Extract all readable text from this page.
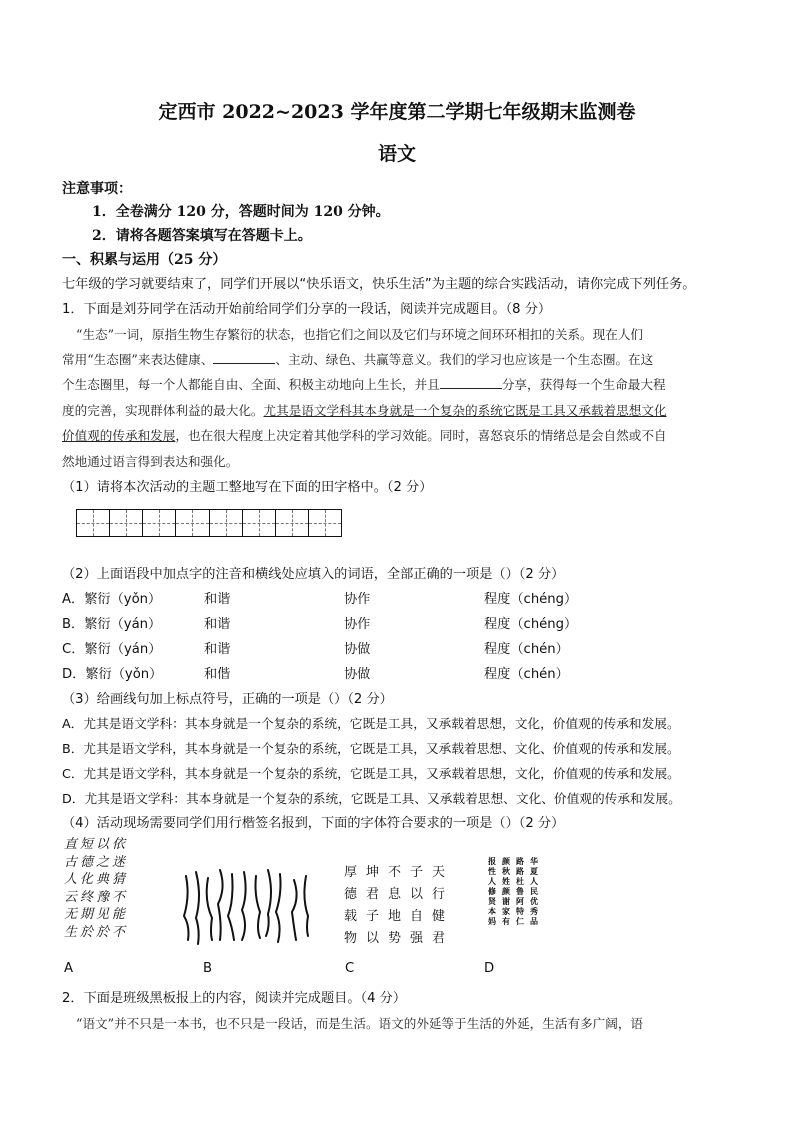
定西市 2022~2023 学年度第二学期七年级期末监测卷
语文
注意事项：
1．全卷满分 120 分，答题时间为 120 分钟。
2．请将各题答案填写在答题卡上。
一、积累与运用（25 分）
七年级的学习就要结束了，同学们开展以“快乐语文，快乐生活”为主题的综合实践活动，请你完成下列任务。
1．下面是刘芬同学在活动开始前给同学们分享的一段话，阅读并完成题目。（8 分）
“生态”一词，原指生物生存繁衍的状态，也指它们之间以及它们与环境之间环环相扣的关系。现在人们
常用“生态圈”来表达健康、	、主动、绿色、共赢等意义。我们的学习也应该是一个生态圈。在这
个生态圈里，每一个人都能自由、全面、积极主动地向上生长，并且	分享，获得每一个生命最大程
度的完善，实现群体利益的最大化。尤其是语文学科其本身就是一个复杂的系统它既是工具又承载着思想文化
价值观的传承和发展，也在很大程度上决定着其他学科的学习效能。同时，喜怒哀乐的情绪总是会自然或不自
然地通过语言得到表达和强化。
（1）请将本次活动的主题工整地写在下面的田字格中。（2 分）
（2）上面语段中加点字的注音和横线处应填入的词语，全部正确的一项是（）（2 分）
A．繁衍（yǒn）	和谐	协作	程度（chéng）
B．繁衍（yán）	和谐	协作	程度（chéng）
C．繁衍（yán）	和谐	协做	程度（chén）
D．繁衍（yǒn）	和偕	协做	程度（chén）
（3）给画线句加上标点符号，正确的一项是（）（2 分）
A．尤其是语文学科：其本身就是一个复杂的系统，它既是工具，又承载着思想，文化，价值观的传承和发展。
B．尤其是语文学科，其本身就是一个复杂的系统，它既是工具，又承载着思想、文化、价值观的传承和发展。
C．尤其是语文学科，其本身就是一个复杂的系统，它既是工具，又承载着思想，文化，价值观的传承和发展。
D．尤其是语文学科：其本身就是一个复杂的系统，它既是工具、又承载着思想、文化、价值观的传承和发展。
（4）活动现场需要同学们用行楷签名报到，下面的字体符合要求的一项是（）（2 分）
直短以依
古德之迷
人化典猜
云终豫不
无期见能
生於於不
天行健君
子以自强
不息地势
坤君子以
厚德载物
华夏人民优秀品
路路杜鲁阿特仁
颜秋姓颜谢家有
报性人修贤本妈
A	B	C	D
2．下面是班级黑板报上的内容，阅读并完成题目。（4 分）
“语文”并不只是一本书，也不只是一段话，而是生活。语文的外延等于生活的外延，生活有多广阔，语
